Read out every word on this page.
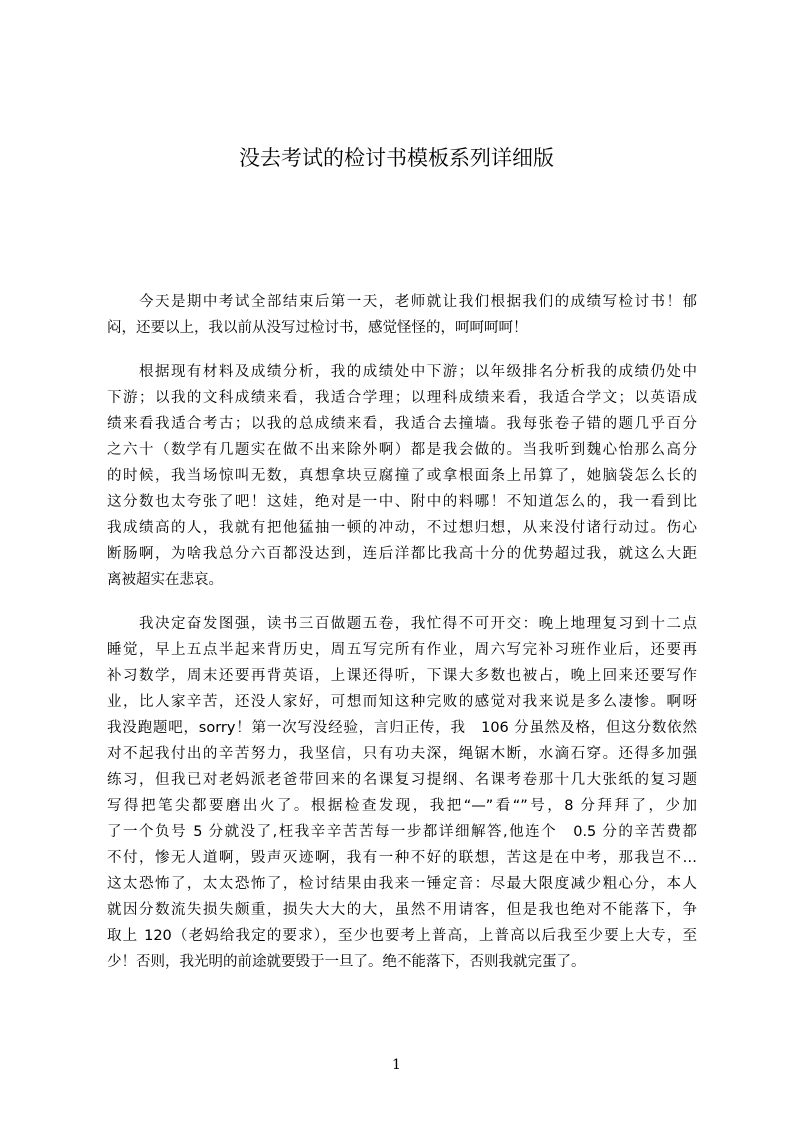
没去考试的检讨书模板系列详细版
　　今天是期中考试全部结束后第一天，老师就让我们根据我们的成绩写检讨书！郁
闷，还要以上，我以前从没写过检讨书，感觉怪怪的，呵呵呵呵！
　　根据现有材料及成绩分析，我的成绩处中下游；以年级排名分析我的成绩仍处中
下游；以我的文科成绩来看，我适合学理；以理科成绩来看，我适合学文；以英语成
绩来看我适合考古；以我的总成绩来看，我适合去撞墙。我每张卷子错的题几乎百分
之六十（数学有几题实在做不出来除外啊）都是我会做的。当我听到魏心怡那么高分
的时候，我当场惊叫无数，真想拿块豆腐撞了或拿根面条上吊算了，她脑袋怎么长的
这分数也太夸张了吧！这娃，绝对是一中、附中的料哪！不知道怎么的，我一看到比
我成绩高的人，我就有把他猛抽一顿的冲动，不过想归想，从来没付诸行动过。伤心
断肠啊，为啥我总分六百都没达到，连后洋都比我高十分的优势超过我，就这么大距
离被超实在悲哀。
　　我决定奋发图强，读书三百做题五卷，我忙得不可开交：晚上地理复习到十二点
睡觉，早上五点半起来背历史，周五写完所有作业，周六写完补习班作业后，还要再
补习数学，周末还要再背英语，上课还得听，下课大多数也被占，晚上回来还要写作
业，比人家辛苦，还没人家好，可想而知这种完败的感觉对我来说是多么凄惨。啊呀
我没跑题吧，sorry！第一次写没经验，言归正传，我　106 分虽然及格，但这分数依然
对不起我付出的辛苦努力，我坚信，只有功夫深，绳锯木断，水滴石穿。还得多加强
练习，但我已对老妈派老爸带回来的名课复习提纲、名课考卷那十几大张纸的复习题
写得把笔尖都要磨出火了。根据检查发现，我把“—”看“”号，8 分拜拜了，少加
了一个负号 5 分就没了,枉我辛辛苦苦每一步都详细解答,他连个　0.5 分的辛苦费都
不付，惨无人道啊，毁声灭迹啊，我有一种不好的联想，苦这是在中考，那我岂不…
这太恐怖了，太太恐怖了，检讨结果由我来一锤定音：尽最大限度减少粗心分，本人
就因分数流失损失颇重，损失大大的大，虽然不用请客，但是我也绝对不能落下，争
取上 120（老妈给我定的要求），至少也要考上普高，上普高以后我至少要上大专，至
少！否则，我光明的前途就要毁于一旦了。绝不能落下，否则我就完蛋了。
1
